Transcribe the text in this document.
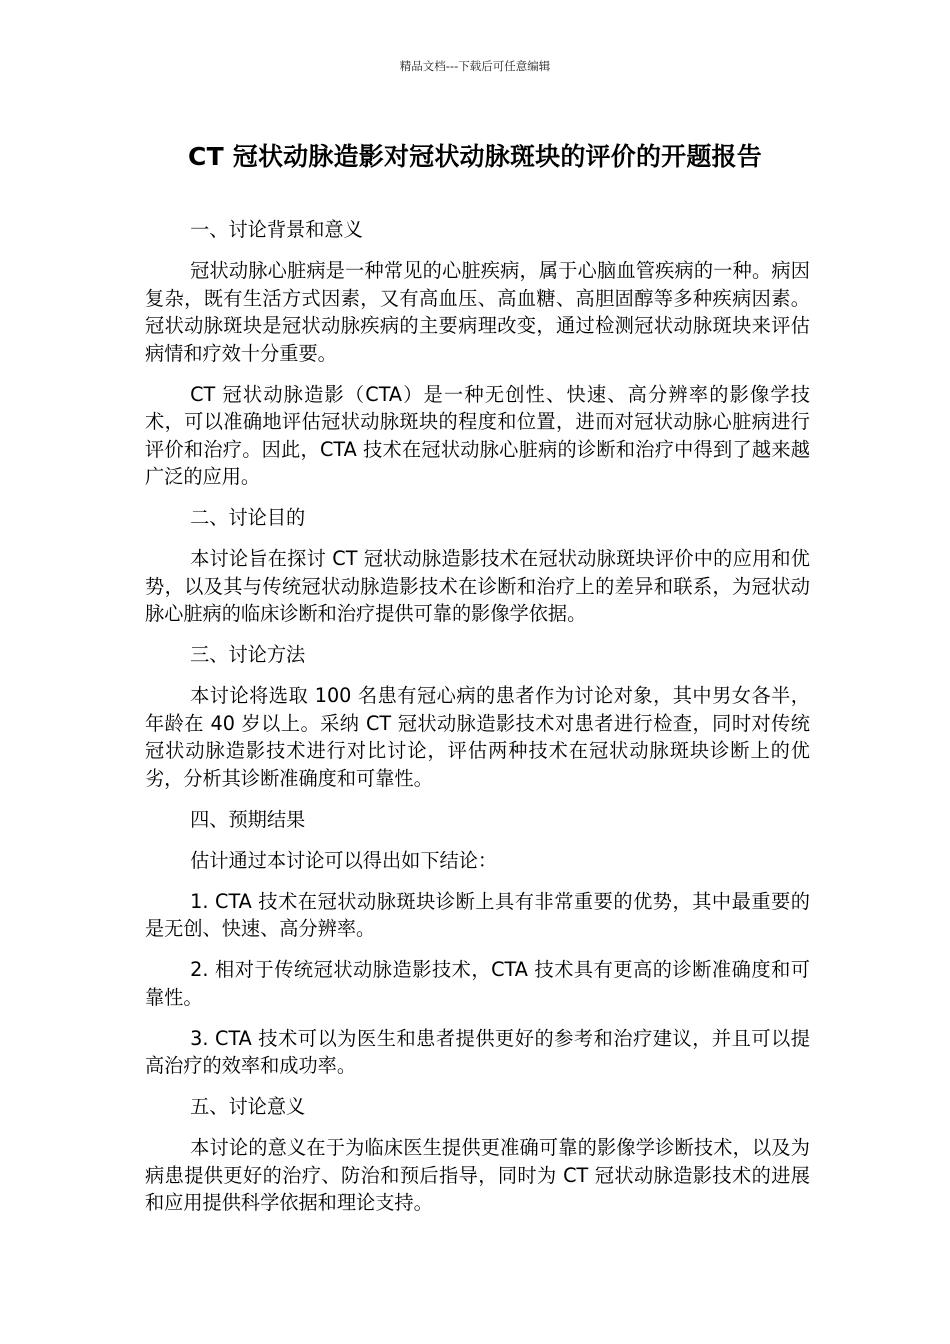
精品文档---下载后可任意编辑
CT 冠状动脉造影对冠状动脉斑块的评价的开题报告

一、讨论背景和意义

冠状动脉心脏病是一种常见的心脏疾病，属于心脑血管疾病的一种。病因复杂，既有生活方式因素，又有高血压、高血糖、高胆固醇等多种疾病因素。冠状动脉斑块是冠状动脉疾病的主要病理改变，通过检测冠状动脉斑块来评估病情和疗效十分重要。

CT 冠状动脉造影（CTA）是一种无创性、快速、高分辨率的影像学技术，可以准确地评估冠状动脉斑块的程度和位置，进而对冠状动脉心脏病进行评价和治疗。因此，CTA 技术在冠状动脉心脏病的诊断和治疗中得到了越来越广泛的应用。

二、讨论目的

本讨论旨在探讨 CT 冠状动脉造影技术在冠状动脉斑块评价中的应用和优势，以及其与传统冠状动脉造影技术在诊断和治疗上的差异和联系，为冠状动脉心脏病的临床诊断和治疗提供可靠的影像学依据。

三、讨论方法

本讨论将选取 100 名患有冠心病的患者作为讨论对象，其中男女各半，年龄在 40 岁以上。采纳 CT 冠状动脉造影技术对患者进行检查，同时对传统冠状动脉造影技术进行对比讨论，评估两种技术在冠状动脉斑块诊断上的优劣，分析其诊断准确度和可靠性。

四、预期结果

估计通过本讨论可以得出如下结论：

1. CTA 技术在冠状动脉斑块诊断上具有非常重要的优势，其中最重要的是无创、快速、高分辨率。

2. 相对于传统冠状动脉造影技术，CTA 技术具有更高的诊断准确度和可靠性。

3. CTA 技术可以为医生和患者提供更好的参考和治疗建议，并且可以提高治疗的效率和成功率。

五、讨论意义

本讨论的意义在于为临床医生提供更准确可靠的影像学诊断技术，以及为病患提供更好的治疗、防治和预后指导，同时为 CT 冠状动脉造影技术的进展和应用提供科学依据和理论支持。
